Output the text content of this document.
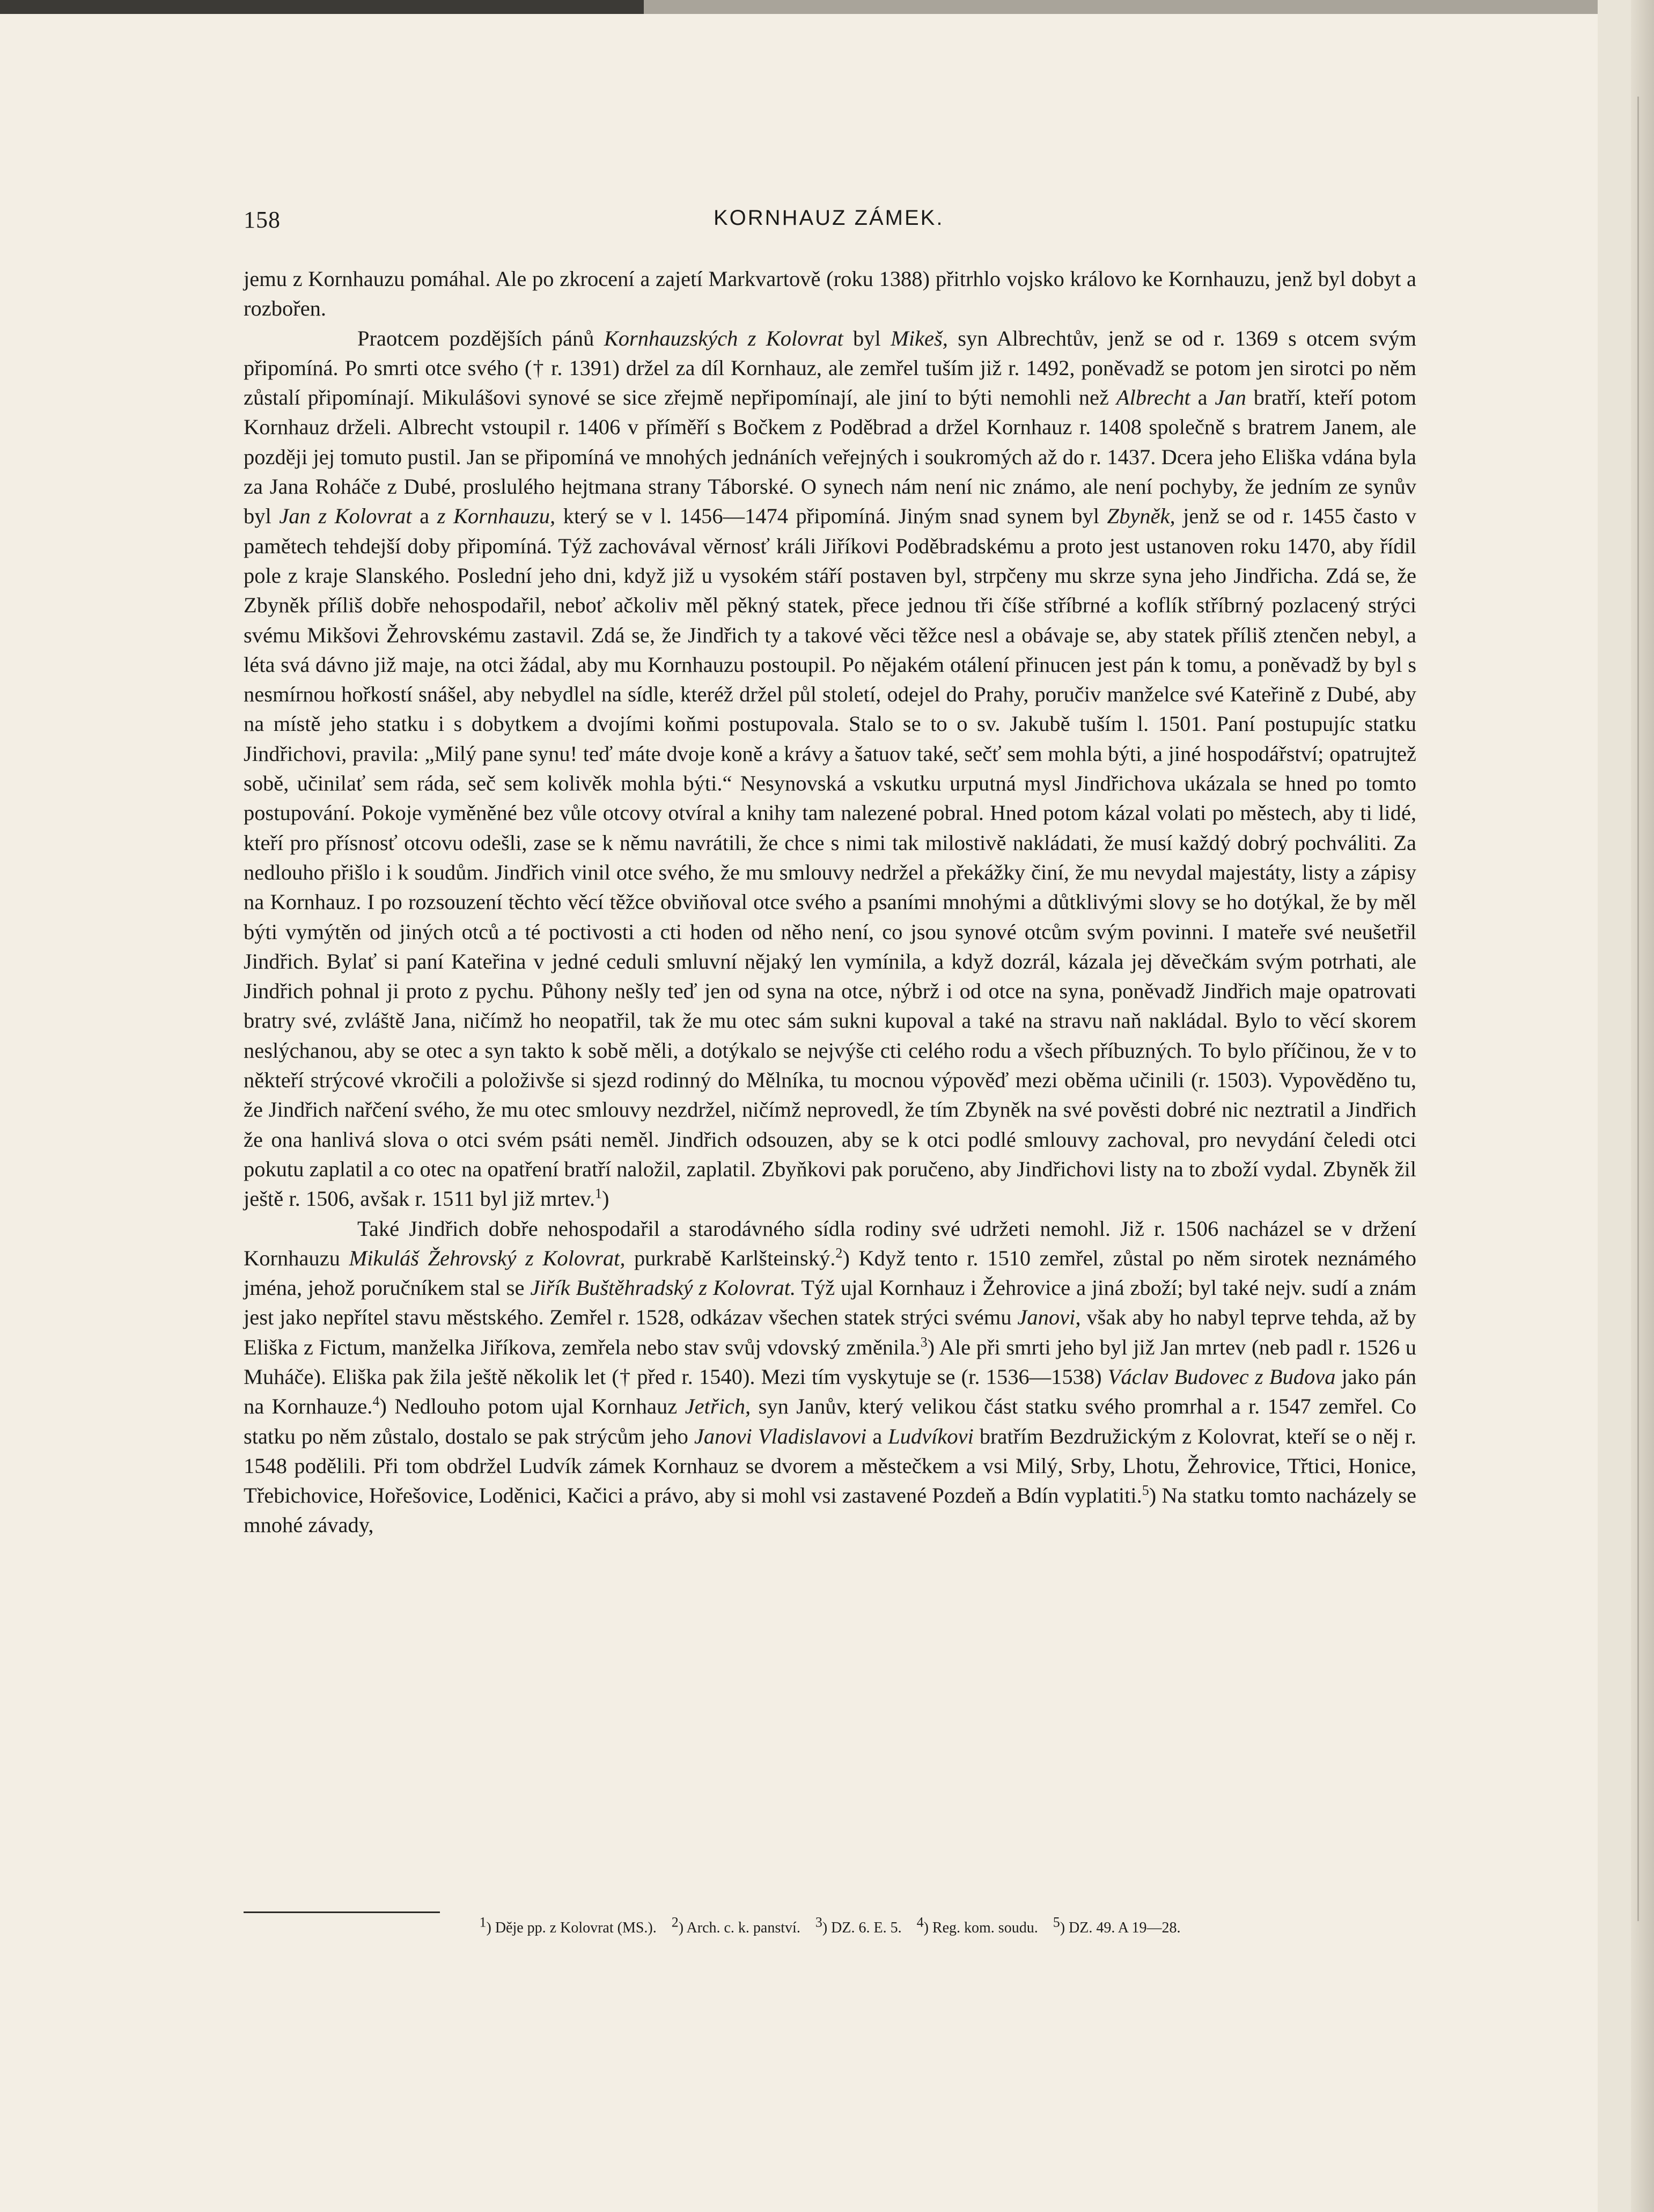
158	KORNHAUZ ZÁMEK.

jemu z Kornhauzu pomáhal. Ale po zkrocení a zajetí Markvartově (roku 1388) přitrhlo vojsko královo ke Kornhauzu, jenž byl dobyt a rozbořen.

Praotcem pozdějších pánů Kornhauzských z Kolovrat byl Mikeš, syn Albrechtův, jenž se od r. 1369 s otcem svým připomíná. Po smrti otce svého († r. 1391) držel za díl Kornhauz, ale zemřel tuším již r. 1492, poněvadž se potom jen sirotci po něm zůstalí připomínají. Mikulášovi synové se sice zřejmě nepřipomínají, ale jiní to býti nemohli než Albrecht a Jan bratří, kteří potom Kornhauz drželi. Albrecht vstoupil r. 1406 v příměří s Bočkem z Poděbrad a držel Kornhauz r. 1408 společně s bratrem Janem, ale později jej tomuto pustil. Jan se připomíná ve mnohých jednáních veřejných i soukromých až do r. 1437. Dcera jeho Eliška vdána byla za Jana Roháče z Dubé, proslulého hejtmana strany Táborské. O synech nám není nic známo, ale není pochyby, že jedním ze synův byl Jan z Kolovrat a z Kornhauzu, který se v l. 1456—1474 připomíná. Jiným snad synem byl Zbyněk, jenž se od r. 1455 často v pamětech tehdejší doby připomíná. Týž zachovával věrnosť králi Jiříkovi Poděbradskému a proto jest ustanoven roku 1470, aby řídil pole z kraje Slanského. Poslední jeho dni, když již u vysokém stáří postaven byl, strpčeny mu skrze syna jeho Jindřicha. Zdá se, že Zbyněk příliš dobře nehospodařil, neboť ačkoliv měl pěkný statek, přece jednou tři číše stříbrné a koflík stříbrný pozlacený strýci svému Mikšovi Žehrovskému zastavil. Zdá se, že Jindřich ty a takové věci těžce nesl a obávaje se, aby statek příliš ztenčen nebyl, a léta svá dávno již maje, na otci žádal, aby mu Kornhauzu postoupil. Po nějakém otálení přinucen jest pán k tomu, a poněvadž by byl s nesmírnou hořkostí snášel, aby nebydlel na sídle, kteréž držel půl století, odejel do Prahy, poručiv manželce své Kateřině z Dubé, aby na místě jeho statku i s dobytkem a dvojími koňmi postupovala. Stalo se to o sv. Jakubě tuším l. 1501. Paní postupujíc statku Jindřichovi, pravila: „Milý pane synu! teď máte dvoje koně a krávy a šatuov také, sečť sem mohla býti, a jiné hospodářství; opatrujtež sobě, učinilať sem ráda, seč sem kolivěk mohla býti.“ Nesynovská a vskutku urputná mysl Jindřichova ukázala se hned po tomto postupování. Pokoje vyměněné bez vůle otcovy otvíral a knihy tam nalezené pobral. Hned potom kázal volati po městech, aby ti lidé, kteří pro přísnosť otcovu odešli, zase se k němu navrátili, že chce s nimi tak milostivě nakládati, že musí každý dobrý pochváliti. Za nedlouho přišlo i k soudům. Jindřich vinil otce svého, že mu smlouvy nedržel a překážky činí, že mu nevydal majestáty, listy a zápisy na Kornhauz. I po rozsouzení těchto věcí těžce obviňoval otce svého a psaními mnohými a důtklivými slovy se ho dotýkal, že by měl býti vymýtěn od jiných otců a té poctivosti a cti hoden od něho není, co jsou synové otcům svým povinni. I mateře své neušetřil Jindřich. Bylať si paní Kateřina v jedné ceduli smluvní nějaký len vymínila, a když dozrál, kázala jej děvečkám svým potrhati, ale Jindřich pohnal ji proto z pychu. Půhony nešly teď jen od syna na otce, nýbrž i od otce na syna, poněvadž Jindřich maje opatrovati bratry své, zvláště Jana, ničímž ho neopatřil, tak že mu otec sám sukni kupoval a také na stravu naň nakládal. Bylo to věcí skorem neslýchanou, aby se otec a syn takto k sobě měli, a dotýkalo se nejvýše cti celého rodu a všech příbuzných. To bylo příčinou, že v to někteří strýcové vkročili a položivše si sjezd rodinný do Mělníka, tu mocnou výpověď mezi oběma učinili (r. 1503). Vypověděno tu, že Jindřich nařčení svého, že mu otec smlouvy nezdržel, ničímž neprovedl, že tím Zbyněk na své pověsti dobré nic neztratil a Jindřich že ona hanlivá slova o otci svém psáti neměl. Jindřich odsouzen, aby se k otci podlé smlouvy zachoval, pro nevydání čeledi otci pokutu zaplatil a co otec na opatření bratří naložil, zaplatil. Zbyňkovi pak poručeno, aby Jindřichovi listy na to zboží vydal. Zbyněk žil ještě r. 1506, avšak r. 1511 byl již mrtev.$^1$)

Také Jindřich dobře nehospodařil a starodávného sídla rodiny své udržeti nemohl. Již r. 1506 nacházel se v držení Kornhauzu Mikuláš Žehrovský z Kolovrat, purkrabě Karlšteinský.$^2$) Když tento r. 1510 zemřel, zůstal po něm sirotek neznámého jména, jehož poručníkem stal se Jiřík Buštěhradský z Kolovrat. Týž ujal Kornhauz i Žehrovice a jiná zboží; byl také nejv. sudí a znám jest jako nepřítel stavu městského. Zemřel r. 1528, odkázav všechen statek strýci svému Janovi, však aby ho nabyl teprve tehda, až by Eliška z Fictum, manželka Jiříkova, zemřela nebo stav svůj vdovský změnila.$^3$) Ale při smrti jeho byl již Jan mrtev (neb padl r. 1526 u Muháče). Eliška pak žila ještě několik let († před r. 1540). Mezi tím vyskytuje se (r. 1536—1538) Václav Budovec z Budova jako pán na Kornhauze.$^4$) Nedlouho potom ujal Kornhauz Jetřich, syn Janův, který velikou část statku svého promrhal a r. 1547 zemřel. Co statku po něm zůstalo, dostalo se pak strýcům jeho Janovi Vladislavovi a Ludvíkovi bratřím Bezdružickým z Kolovrat, kteří se o něj r. 1548 podělili. Při tom obdržel Ludvík zámek Kornhauz se dvorem a městečkem a vsi Milý, Srby, Lhotu, Žehrovice, Třtici, Honice, Třebichovice, Hořešovice, Loděnici, Kačici a právo, aby si mohl vsi zastavené Pozdeň a Bdín vyplatiti.$^5$) Na statku tomto nacházely se mnohé závady,

$^1$) Děje pp. z Kolovrat (MS.). $^2$) Arch. c. k. panství. $^3$) DZ. 6. E. 5. $^4$) Reg. kom. soudu. $^5$) DZ. 49. A 19—28.
